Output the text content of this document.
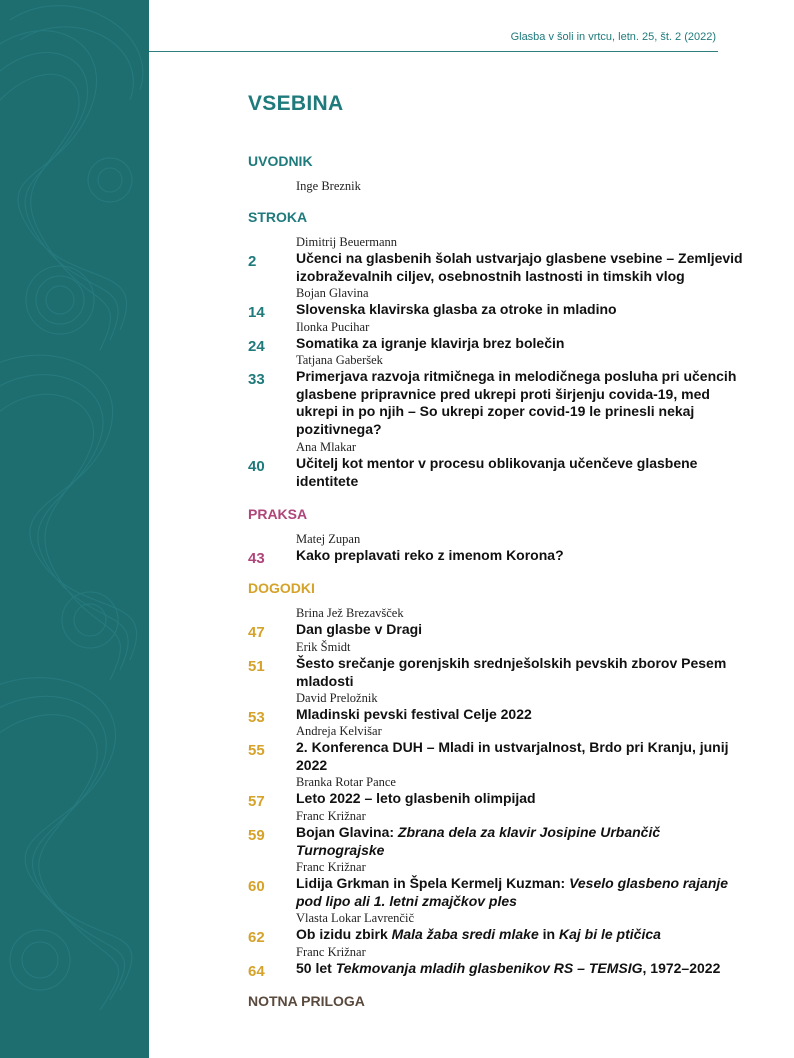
Glasba v šoli in vrtcu, letn. 25, št. 2 (2022)
VSEBINA
UVODNIK
Inge Breznik
STROKA
Dimitrij Beuermann
2	Učenci na glasbenih šolah ustvarjajo glasbene vsebine – Zemljevid izobraževalnih ciljev, osebnostnih lastnosti in timskih vlog
Bojan Glavina
14 Slovenska klavirska glasba za otroke in mladino
Ilonka Pucihar
24 Somatika za igranje klavirja brez bolečin
Tatjana Gaberšek
33 Primerjava razvoja ritmičnega in melodičnega posluha pri učencih glasbene pripravnice pred ukrepi proti širjenju covida-19, med ukrepi in po njih – So ukrepi zoper covid-19 le prinesli nekaj pozitivnega?
Ana Mlakar
40 Učitelj kot mentor v procesu oblikovanja učenčeve glasbene identitete
PRAKSA
Matej Zupan
43 Kako preplavati reko z imenom Korona?
DOGODKI
Brina Jež Brezavšček
47 Dan glasbe v Dragi
Erik Šmidt
51 Šesto srečanje gorenjskih srednješolskih pevskih zborov Pesem mladosti
David Preložnik
53 Mladinski pevski festival Celje 2022
Andreja Kelvišar
55 2. Konferenca DUH – Mladi in ustvarjalnost, Brdo pri Kranju, junij 2022
Branka Rotar Pance
57 Leto 2022 – leto glasbenih olimpijad
Franc Križnar
59 Bojan Glavina: Zbrana dela za klavir Josipine Urbančič Turnograjske
Franc Križnar
60 Lidija Grkman in Špela Kermelj Kuzman: Veselo glasbeno rajanje pod lipo ali 1. letni zmajčkov ples
Vlasta Lokar Lavrenčič
62 Ob izidu zbirk Mala žaba sredi mlake in Kaj bi le ptičica
Franc Križnar
64 50 let Tekmovanja mladih glasbenikov RS – TEMSIG, 1972–2022
NOTNA PRILOGA
